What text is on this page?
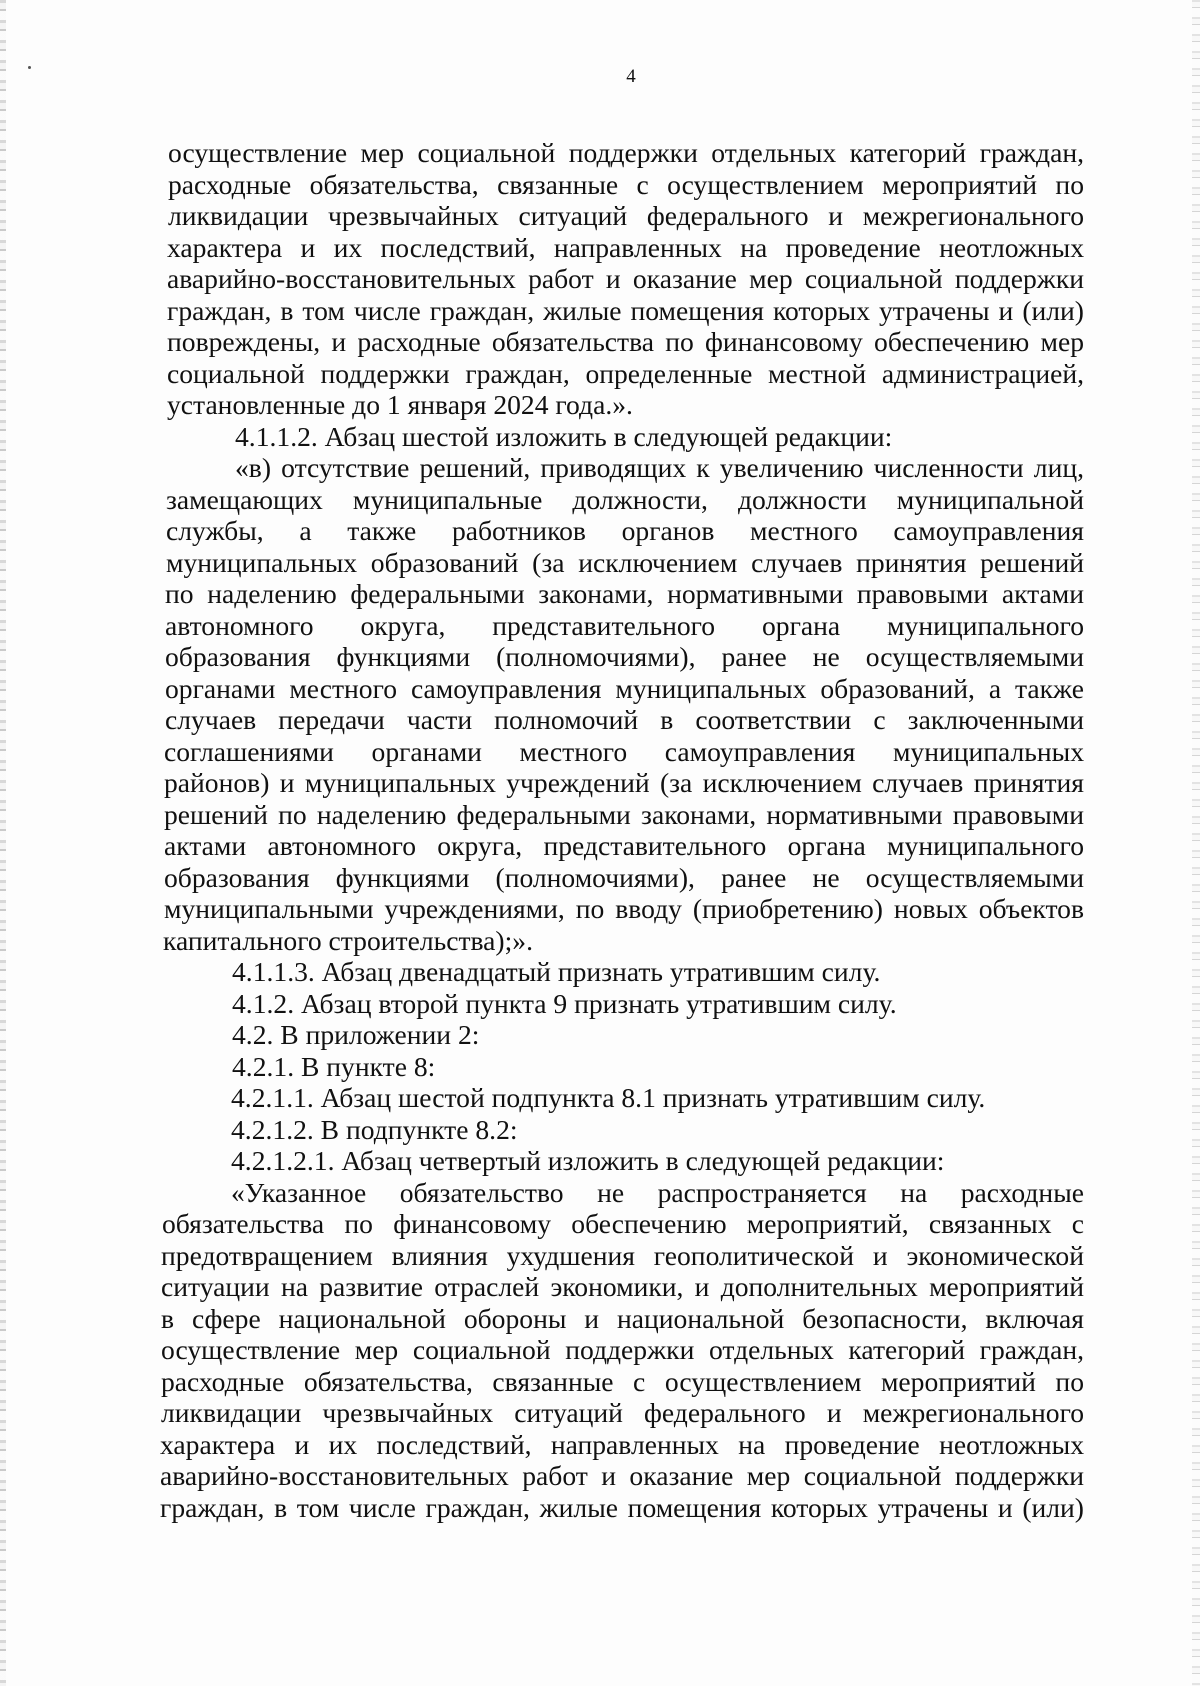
4
осуществление мер социальной поддержки отдельных категорий граждан,
расходные обязательства, связанные с осуществлением мероприятий по
ликвидации чрезвычайных ситуаций федерального и межрегионального
характера и их последствий, направленных на проведение неотложных
аварийно-восстановительных работ и оказание мер социальной поддержки
граждан, в том числе граждан, жилые помещения которых утрачены и (или)
повреждены, и расходные обязательства по финансовому обеспечению мер
социальной поддержки граждан, определенные местной администрацией,
установленные до 1 января 2024 года.».
4.1.1.2. Абзац шестой изложить в следующей редакции:
«в) отсутствие решений, приводящих к увеличению численности лиц,
замещающих муниципальные должности, должности муниципальной
службы, а также работников органов местного самоуправления
муниципальных образований (за исключением случаев принятия решений
по наделению федеральными законами, нормативными правовыми актами
автономного округа, представительного органа муниципального
образования функциями (полномочиями), ранее не осуществляемыми
органами местного самоуправления муниципальных образований, а также
случаев передачи части полномочий в соответствии с заключенными
соглашениями органами местного самоуправления муниципальных
районов) и муниципальных учреждений (за исключением случаев принятия
решений по наделению федеральными законами, нормативными правовыми
актами автономного округа, представительного органа муниципального
образования функциями (полномочиями), ранее не осуществляемыми
муниципальными учреждениями, по вводу (приобретению) новых объектов
капитального строительства);».
4.1.1.3. Абзац двенадцатый признать утратившим силу.
4.1.2. Абзац второй пункта 9 признать утратившим силу.
4.2. В приложении 2:
4.2.1. В пункте 8:
4.2.1.1. Абзац шестой подпункта 8.1 признать утратившим силу.
4.2.1.2. В подпункте 8.2:
4.2.1.2.1. Абзац четвертый изложить в следующей редакции:
«Указанное обязательство не распространяется на расходные
обязательства по финансовому обеспечению мероприятий, связанных с
предотвращением влияния ухудшения геополитической и экономической
ситуации на развитие отраслей экономики, и дополнительных мероприятий
в сфере национальной обороны и национальной безопасности, включая
осуществление мер социальной поддержки отдельных категорий граждан,
расходные обязательства, связанные с осуществлением мероприятий по
ликвидации чрезвычайных ситуаций федерального и межрегионального
характера и их последствий, направленных на проведение неотложных
аварийно-восстановительных работ и оказание мер социальной поддержки
граждан, в том числе граждан, жилые помещения которых утрачены и (или)
